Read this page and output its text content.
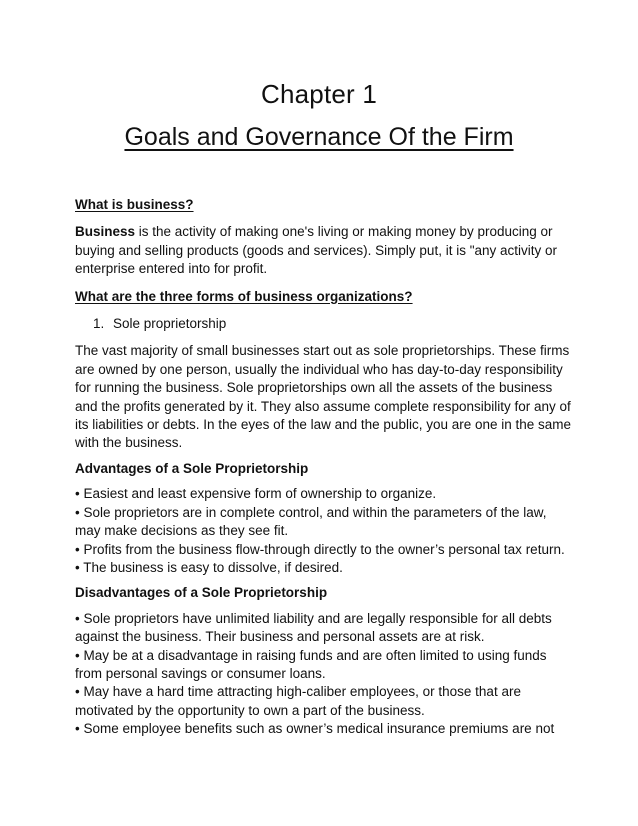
Chapter 1
Goals and Governance Of the Firm

What is business?

Business is the activity of making one's living or making money by producing or buying and selling products (goods and services). Simply put, it is "any activity or enterprise entered into for profit.

What are the three forms of business organizations?

1. Sole proprietorship

The vast majority of small businesses start out as sole proprietorships. These firms are owned by one person, usually the individual who has day-to-day responsibility for running the business. Sole proprietorships own all the assets of the business and the profits generated by it. They also assume complete responsibility for any of its liabilities or debts. In the eyes of the law and the public, you are one in the same with the business.

Advantages of a Sole Proprietorship

• Easiest and least expensive form of ownership to organize.

• Sole proprietors are in complete control, and within the parameters of the law, may make decisions as they see fit.

• Profits from the business flow-through directly to the owner’s personal tax return.

• The business is easy to dissolve, if desired.

Disadvantages of a Sole Proprietorship

• Sole proprietors have unlimited liability and are legally responsible for all debts against the business. Their business and personal assets are at risk.

• May be at a disadvantage in raising funds and are often limited to using funds from personal savings or consumer loans.

• May have a hard time attracting high-caliber employees, or those that are motivated by the opportunity to own a part of the business.

• Some employee benefits such as owner’s medical insurance premiums are not
